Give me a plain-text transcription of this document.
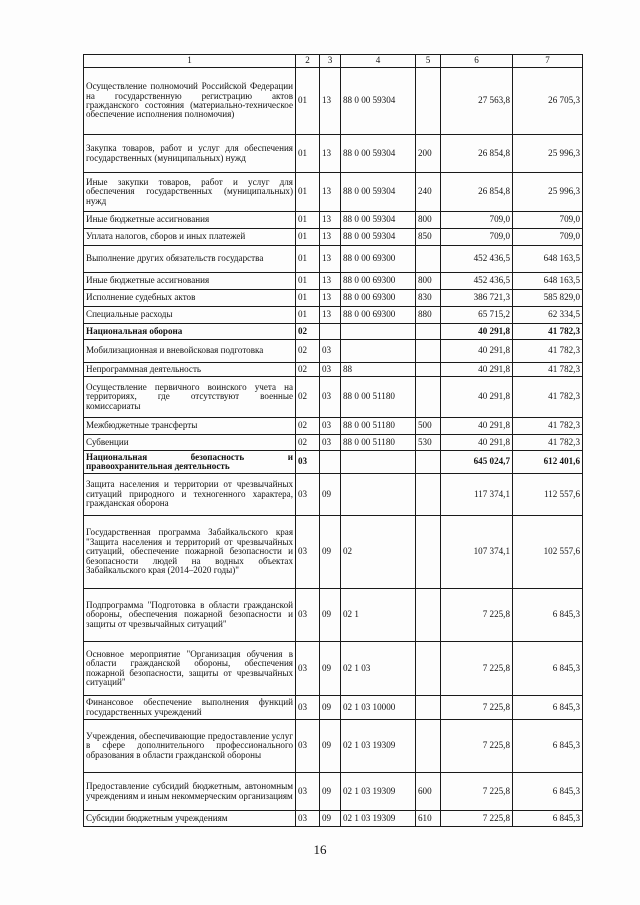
1	2	3	4	5	6	7
Осуществление полномочий Российской Федерации на государственную регистрацию актов гражданского состояния (материально-техническое обеспечение исполнения полномочия)	01	13	88 0 00 59304		27 563,8	26 705,3
Закупка товаров, работ и услуг для обеспечения государственных (муниципальных) нужд	01	13	88 0 00 59304	200	26 854,8	25 996,3
Иные закупки товаров, работ и услуг для обеспечения государственных (муниципальных) нужд	01	13	88 0 00 59304	240	26 854,8	25 996,3
Иные бюджетные ассигнования	01	13	88 0 00 59304	800	709,0	709,0
Уплата налогов, сборов и иных платежей	01	13	88 0 00 59304	850	709,0	709,0
Выполнение других обязательств государства	01	13	88 0 00 69300		452 436,5	648 163,5
Иные бюджетные ассигнования	01	13	88 0 00 69300	800	452 436,5	648 163,5
Исполнение судебных актов	01	13	88 0 00 69300	830	386 721,3	585 829,0
Специальные расходы	01	13	88 0 00 69300	880	65 715,2	62 334,5
Национальная оборона	02				40 291,8	41 782,3
Мобилизационная и вневойсковая подготовка	02	03			40 291,8	41 782,3
Непрограммная деятельность	02	03	88		40 291,8	41 782,3
Осуществление первичного воинского учета на территориях, где отсутствуют военные комиссариаты	02	03	88 0 00 51180		40 291,8	41 782,3
Межбюджетные трансферты	02	03	88 0 00 51180	500	40 291,8	41 782,3
Субвенции	02	03	88 0 00 51180	530	40 291,8	41 782,3
Национальная безопасность и правоохранительная деятельность	03				645 024,7	612 401,6
Защита населения и территории от чрезвычайных ситуаций природного и техногенного характера, гражданская оборона	03	09			117 374,1	112 557,6
Государственная программа Забайкальского края "Защита населения и территорий от чрезвычайных ситуаций, обеспечение пожарной безопасности и безопасности людей на водных объектах Забайкальского края (2014–2020 годы)"	03	09	02		107 374,1	102 557,6
Подпрограмма "Подготовка в области гражданской обороны, обеспечения пожарной безопасности и защиты от чрезвычайных ситуаций"	03	09	02 1		7 225,8	6 845,3
Основное мероприятие "Организация обучения в области гражданской обороны, обеспечения пожарной безопасности, защиты от чрезвычайных ситуаций"	03	09	02 1 03		7 225,8	6 845,3
Финансовое обеспечение выполнения функций государственных учреждений	03	09	02 1 03 10000		7 225,8	6 845,3
Учреждения, обеспечивающие предоставление услуг в сфере дополнительного профессионального образования в области гражданской обороны	03	09	02 1 03 19309		7 225,8	6 845,3
Предоставление субсидий бюджетным, автономным учреждениям и иным некоммерческим организациям	03	09	02 1 03 19309	600	7 225,8	6 845,3
Субсидии бюджетным учреждениям	03	09	02 1 03 19309	610	7 225,8	6 845,3
16
